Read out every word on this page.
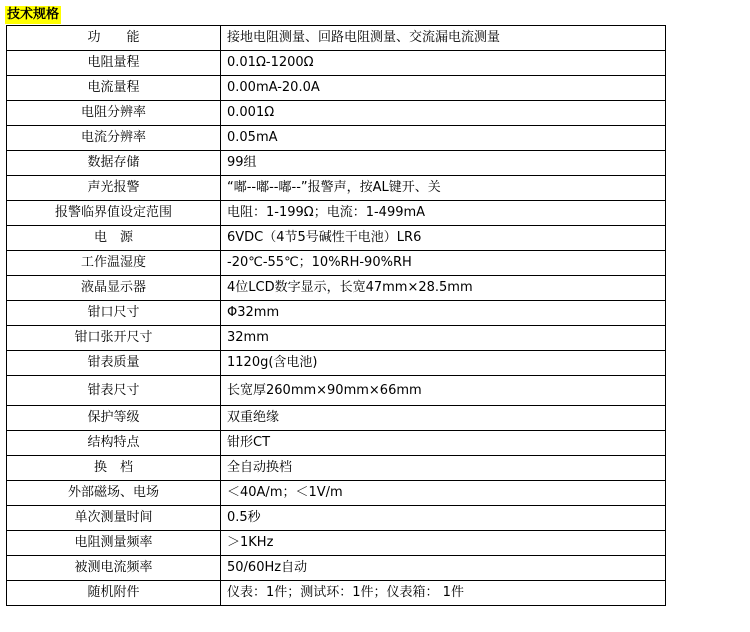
技术规格
功　　能	接地电阻测量、回路电阻测量、交流漏电流测量
电阻量程	0.01Ω-1200Ω
电流量程	0.00mA-20.0A
电阻分辨率	0.001Ω
电流分辨率	0.05mA
数据存储	99组
声光报警	“嘟--嘟--嘟--”报警声，按AL键开、关
报警临界值设定范围	电阻：1-199Ω；电流：1-499mA
电　源	6VDC（4节5号碱性干电池）LR6
工作温湿度	-20℃-55℃；10%RH-90%RH
液晶显示器	4位LCD数字显示，长宽47mm×28.5mm
钳口尺寸	Φ32mm
钳口张开尺寸	32mm
钳表质量	1120g(含电池)
钳表尺寸	长宽厚260mm×90mm×66mm
保护等级	双重绝缘
结构特点	钳形CT
换　档	全自动换档
外部磁场、电场	＜40A/m；＜1V/m
单次测量时间	0.5秒
电阻测量频率	＞1KHz
被测电流频率	50/60Hz自动
随机附件	仪表：1件；测试环：1件；仪表箱： 1件
